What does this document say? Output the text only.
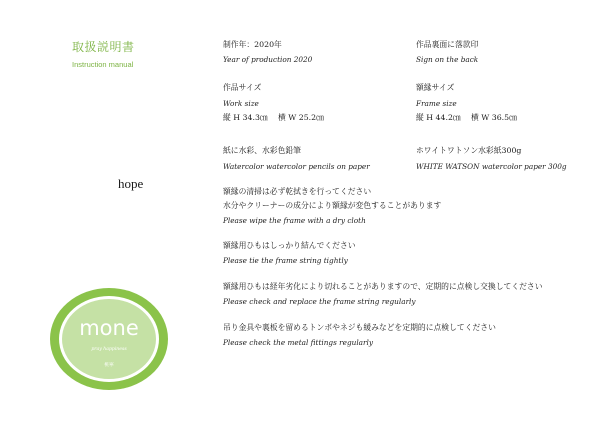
取扱説明書
Instruction manual
hope
制作年：2020年
Year of production 2020
作品サイズ
Work size
縦 H 34.3㎝　 横 W 25.2㎝
紙に水彩、水彩色鉛筆
Watercolor watercolor pencils on paper
作品裏面に落款印
Sign on the back
額縁サイズ
Frame size
縦 H 44.2㎝　 横 W 36.5㎝
ホワイトワトソン水彩紙300g
WHITE WATSON watercolor paper 300g
額縁の清掃は必ず乾拭きを行ってください
水分やクリーナーの成分により額縁が変色することがあります
Please wipe the frame with a dry cloth
額縁用ひもはしっかり結んでください
Please tie the frame string tightly
額縁用ひもは経年劣化により切れることがありますので、定期的に点検し交換してください
Please check and replace the frame string regularly
吊り金具や裏板を留めるトンボやネジも緩みなどを定期的に点検してください
Please check the metal fittings regularly
mone
pray happiness
桃寧
